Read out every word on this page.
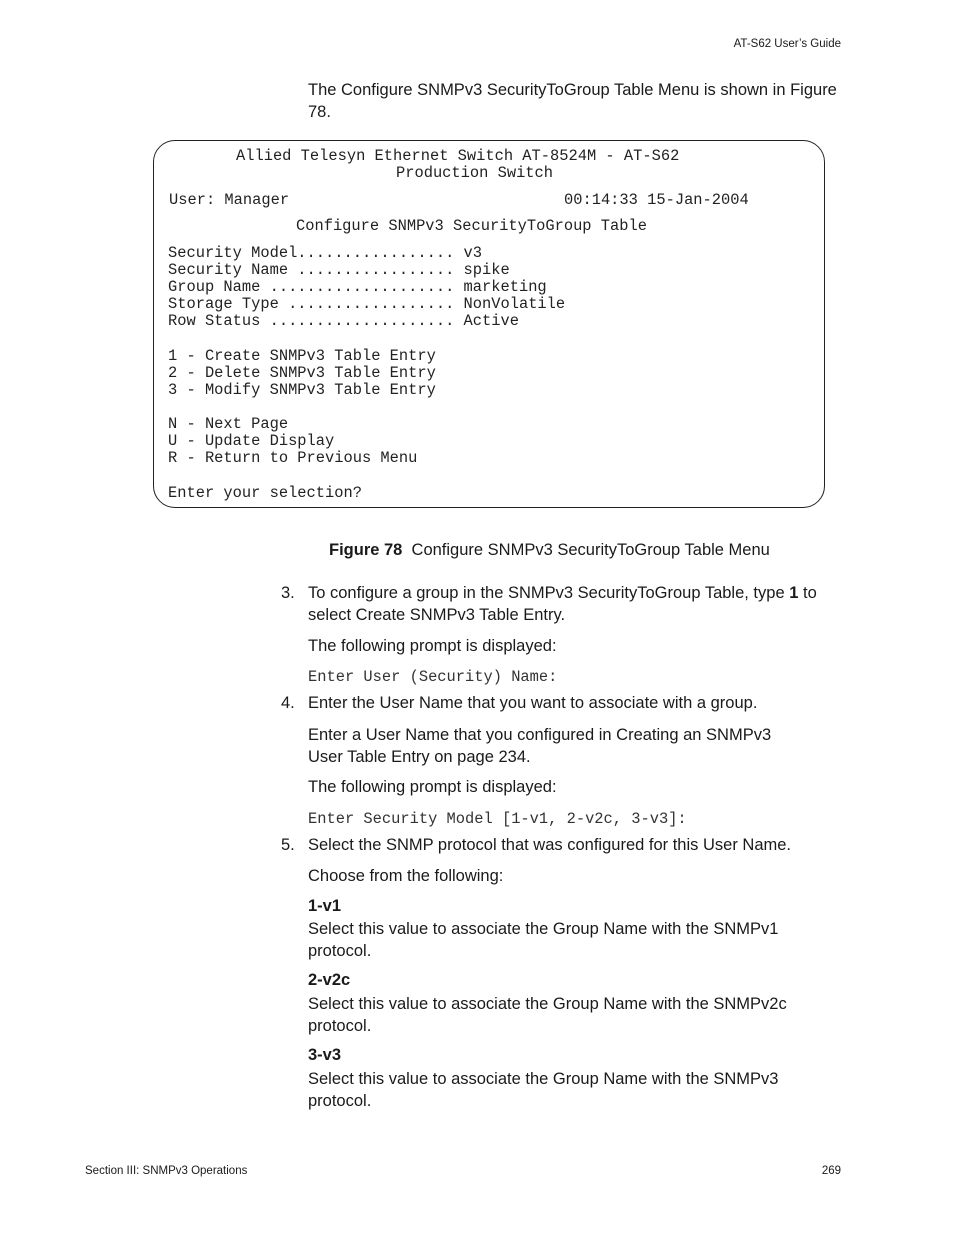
AT-S62 User’s Guide
The Configure SNMPv3 SecurityToGroup Table Menu is shown in Figure 78.
Allied Telesyn Ethernet Switch AT-8524M - AT-S62
Production Switch
User: Manager	00:14:33 15-Jan-2004
Configure SNMPv3 SecurityToGroup Table
Security Model................. v3
Security Name ................. spike
Group Name .................... marketing
Storage Type .................. NonVolatile
Row Status .................... Active
1 - Create SNMPv3 Table Entry
2 - Delete SNMPv3 Table Entry
3 - Modify SNMPv3 Table Entry
N - Next Page
U - Update Display
R - Return to Previous Menu
Enter your selection?
Figure 78 Configure SNMPv3 SecurityToGroup Table Menu
3. To configure a group in the SNMPv3 SecurityToGroup Table, type 1 to select Create SNMPv3 Table Entry.
The following prompt is displayed:
Enter User (Security) Name:
4. Enter the User Name that you want to associate with a group.
Enter a User Name that you configured in Creating an SNMPv3 User Table Entry on page 234.
The following prompt is displayed:
Enter Security Model [1-v1, 2-v2c, 3-v3]:
5. Select the SNMP protocol that was configured for this User Name.
Choose from the following:
1-v1
Select this value to associate the Group Name with the SNMPv1 protocol.
2-v2c
Select this value to associate the Group Name with the SNMPv2c protocol.
3-v3
Select this value to associate the Group Name with the SNMPv3 protocol.
Section III: SNMPv3 Operations	269
